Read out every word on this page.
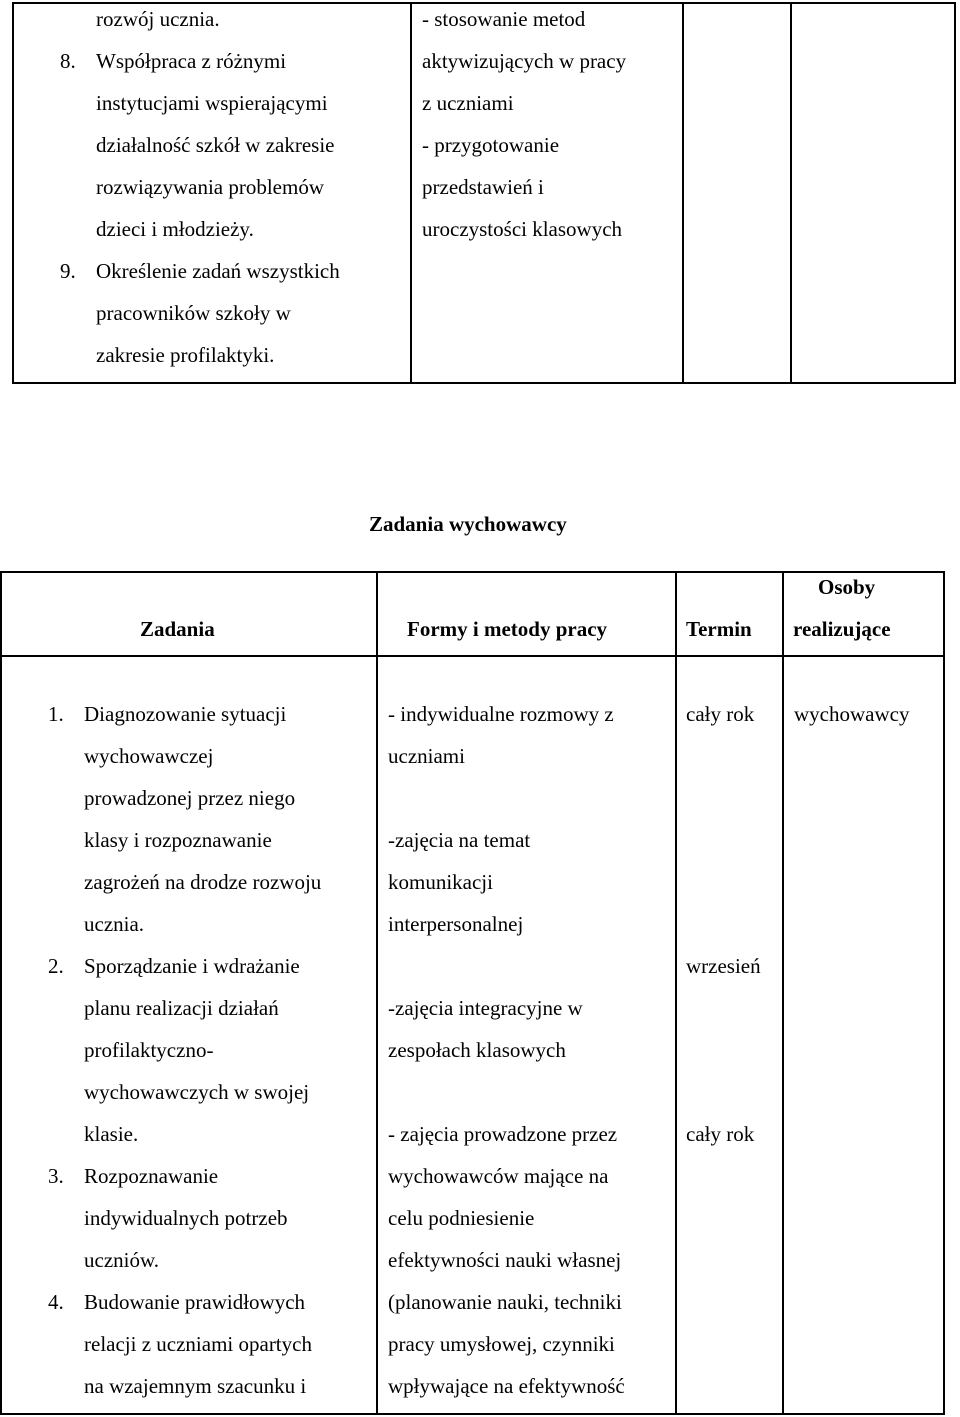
rozwój ucznia.
8. Współpraca z różnymi
instytucjami wspierającymi
działalność szkół w zakresie
rozwiązywania problemów
dzieci i młodzieży.
9. Określenie zadań wszystkich
pracowników szkoły w
zakresie profilaktyki.
- stosowanie metod
aktywizujących w pracy
z uczniami
- przygotowanie
przedstawień i
uroczystości klasowych
Zadania wychowawcy
Zadania	Formy i metody pracy	Termin
Osoby
realizujące
1. Diagnozowanie sytuacji
wychowawczej
prowadzonej przez niego
klasy i rozpoznawanie
zagrożeń na drodze rozwoju
ucznia.
2. Sporządzanie i wdrażanie
planu realizacji działań
profilaktyczno-
wychowawczych w swojej
klasie.
3. Rozpoznawanie
indywidualnych potrzeb
uczniów.
4. Budowanie prawidłowych
relacji z uczniami opartych
na wzajemnym szacunku i
- indywidualne rozmowy z
uczniami
-zajęcia na temat
komunikacji
interpersonalnej
-zajęcia integracyjne w
zespołach klasowych
- zajęcia prowadzone przez
wychowawców mające na
celu podniesienie
efektywności nauki własnej
(planowanie nauki, techniki
pracy umysłowej, czynniki
wpływające na efektywność
cały rok
wrzesień
cały rok
wychowawcy
